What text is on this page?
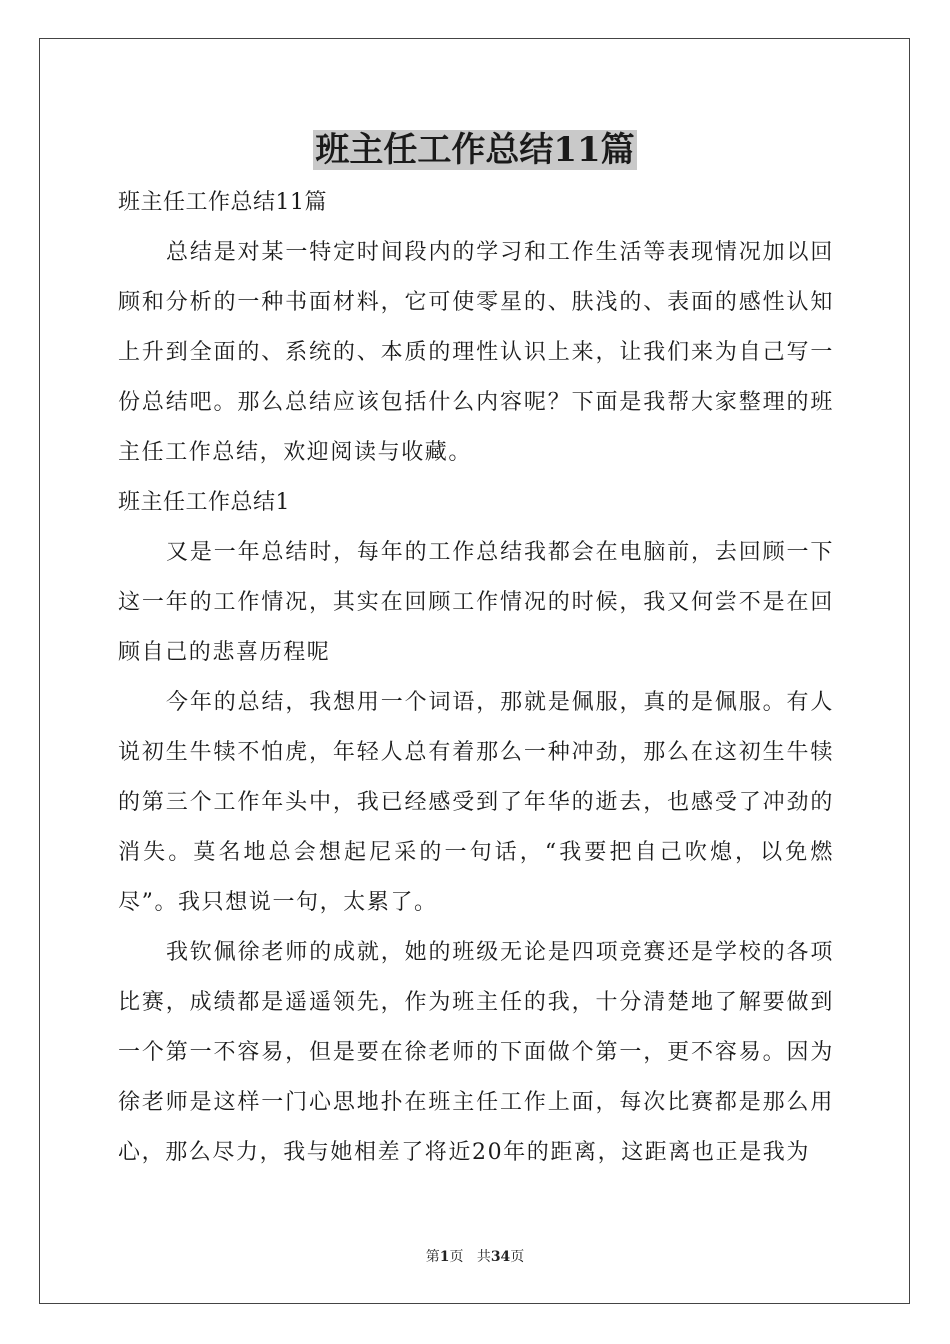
班主任工作总结11篇

班主任工作总结11篇

总结是对某一特定时间段内的学习和工作生活等表现情况加以回顾和分析的一种书面材料，它可使零星的、肤浅的、表面的感性认知上升到全面的、系统的、本质的理性认识上来，让我们来为自己写一份总结吧。那么总结应该包括什么内容呢？下面是我帮大家整理的班主任工作总结，欢迎阅读与收藏。

班主任工作总结1

又是一年总结时，每年的工作总结我都会在电脑前，去回顾一下这一年的工作情况，其实在回顾工作情况的时候，我又何尝不是在回顾自己的悲喜历程呢

今年的总结，我想用一个词语，那就是佩服，真的是佩服。有人说初生牛犊不怕虎，年轻人总有着那么一种冲劲，那么在这初生牛犊的第三个工作年头中，我已经感受到了年华的逝去，也感受了冲劲的消失。莫名地总会想起尼采的一句话，“我要把自己吹熄，以免燃尽”。我只想说一句，太累了。

我钦佩徐老师的成就，她的班级无论是四项竞赛还是学校的各项比赛，成绩都是遥遥领先，作为班主任的我，十分清楚地了解要做到一个第一不容易，但是要在徐老师的下面做个第一，更不容易。因为徐老师是这样一门心思地扑在班主任工作上面，每次比赛都是那么用心，那么尽力，我与她相差了将近20年的距离，这距离也正是我为

第1页 共34页
